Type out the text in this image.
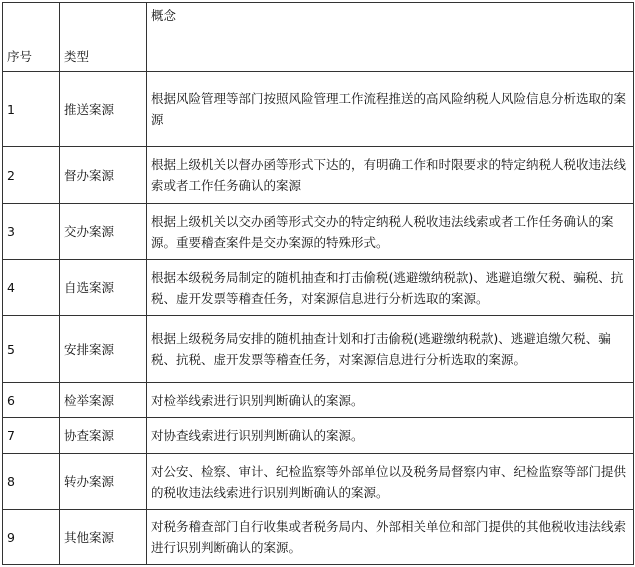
序号	类型	概念
1	推送案源	根据风险管理等部门按照风险管理工作流程推送的高风险纳税人风险信息分析选取的案源
2	督办案源	根据上级机关以督办函等形式下达的，有明确工作和时限要求的特定纳税人税收违法线索或者工作任务确认的案源
3	交办案源	根据上级机关以交办函等形式交办的特定纳税人税收违法线索或者工作任务确认的案源。重要稽查案件是交办案源的特殊形式。
4	自选案源	根据本级税务局制定的随机抽查和打击偷税(逃避缴纳税款)、逃避追缴欠税、骗税、抗税、虚开发票等稽查任务，对案源信息进行分析选取的案源。
5	安排案源	根据上级税务局安排的随机抽查计划和打击偷税(逃避缴纳税款)、逃避追缴欠税、骗税、抗税、虚开发票等稽查任务，对案源信息进行分析选取的案源。
6	检举案源	对检举线索进行识别判断确认的案源。
7	协查案源	对协查线索进行识别判断确认的案源。
8	转办案源	对公安、检察、审计、纪检监察等外部单位以及税务局督察内审、纪检监察等部门提供的税收违法线索进行识别判断确认的案源。
9	其他案源	对税务稽查部门自行收集或者税务局内、外部相关单位和部门提供的其他税收违法线索进行识别判断确认的案源。
